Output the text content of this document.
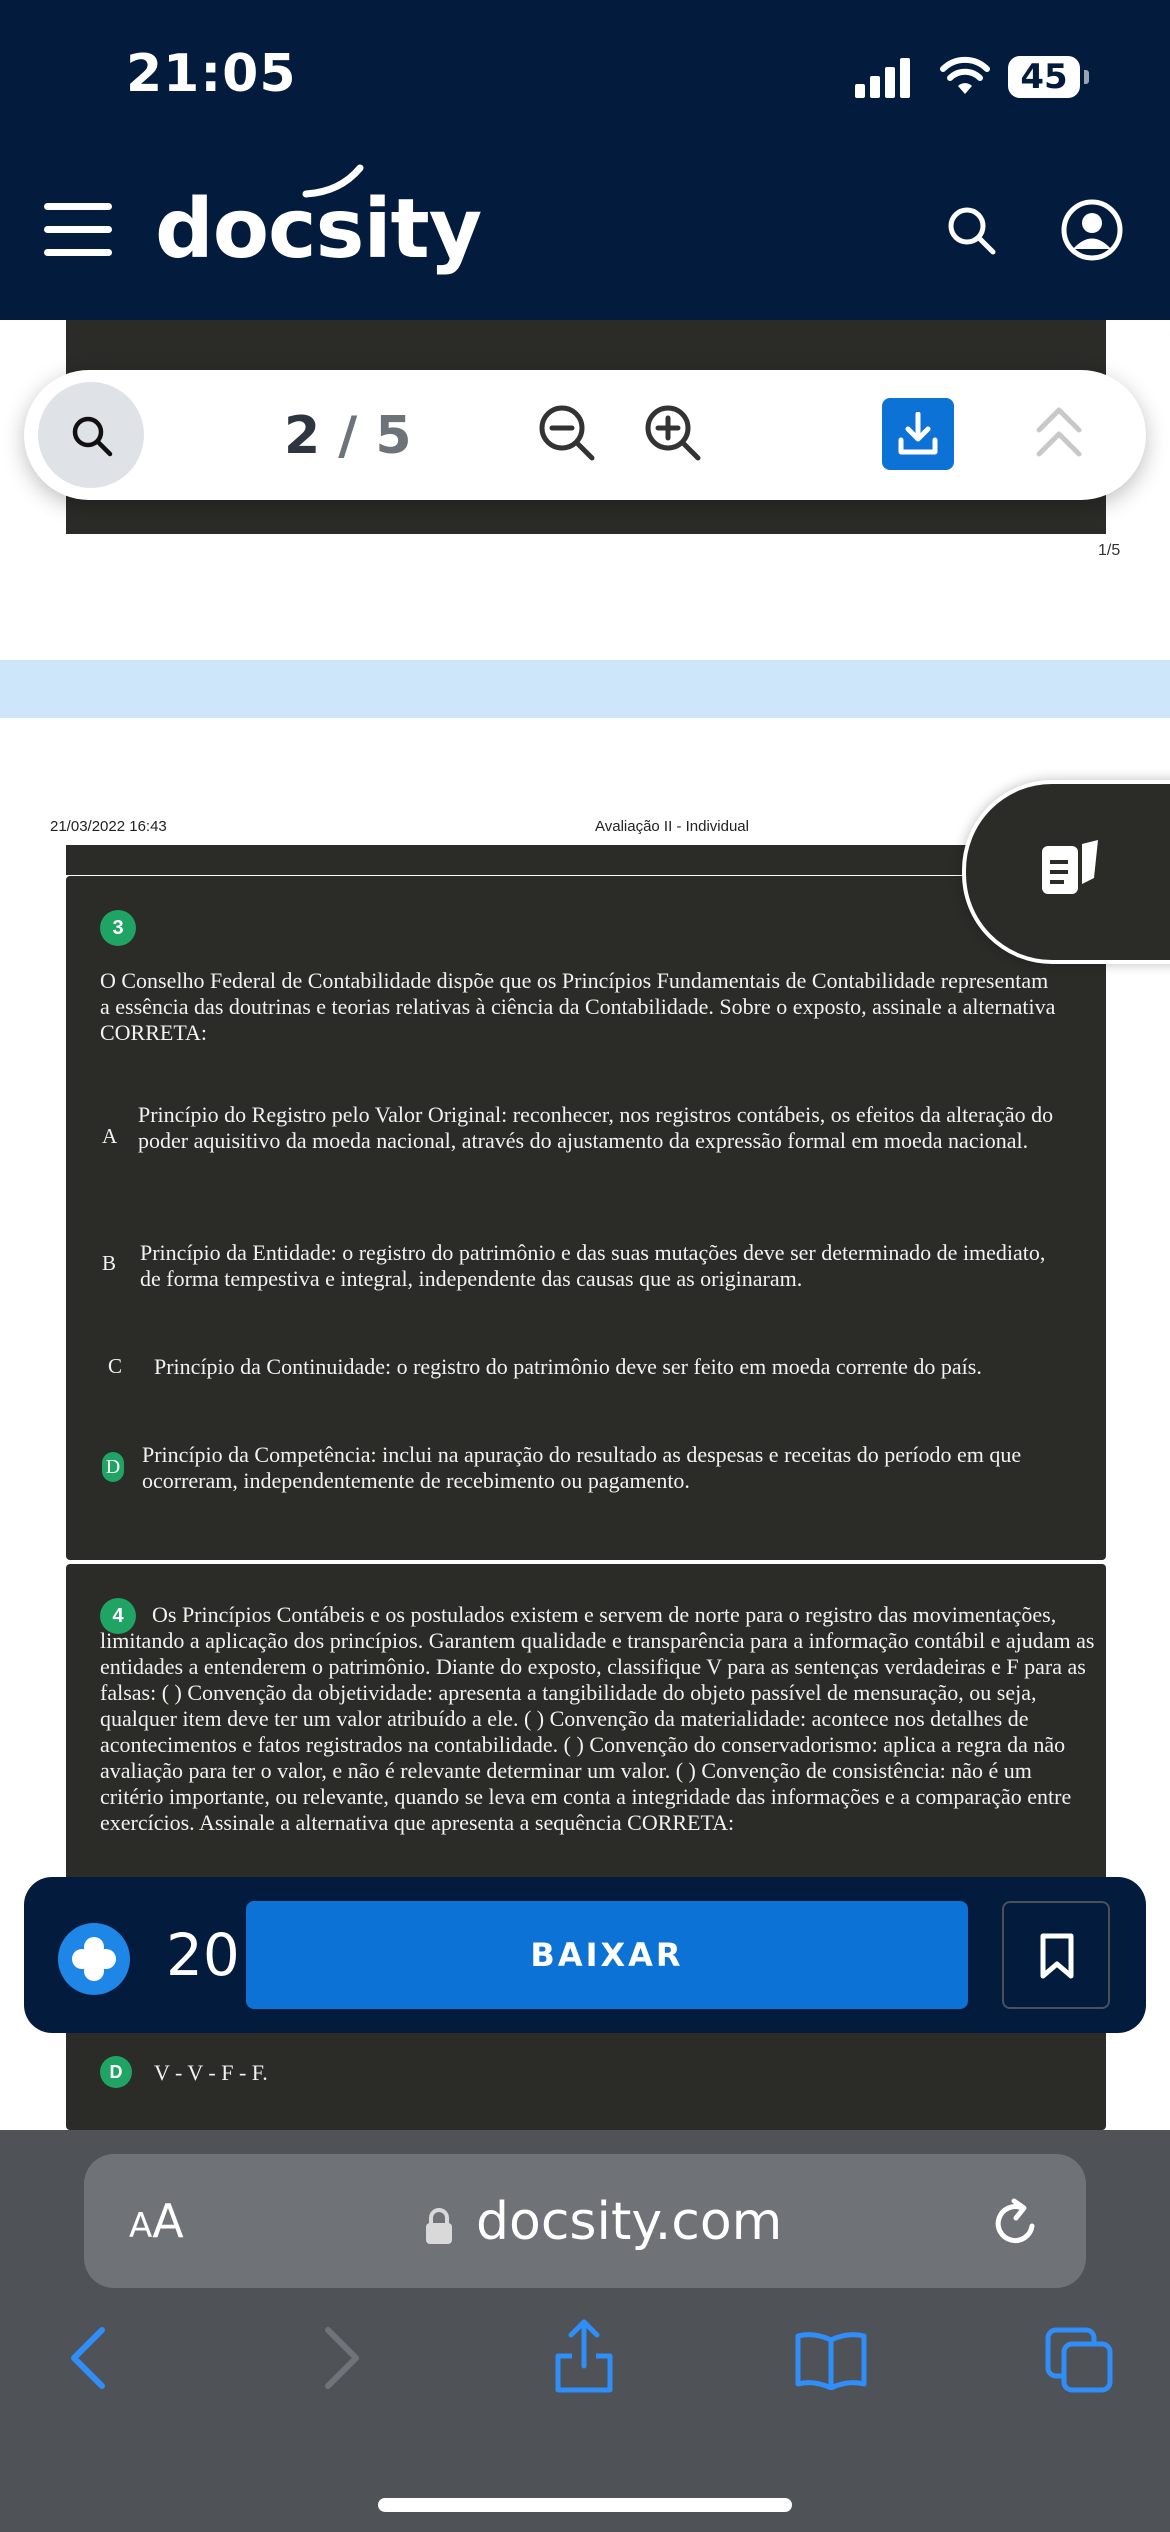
21:05	45
docsity
1/5
21/03/2022 16:43	Avaliação II - Individual
3
O Conselho Federal de Contabilidade dispõe que os Princípios Fundamentais de Contabilidade representam a essência das doutrinas e teorias relativas à ciência da Contabilidade. Sobre o exposto, assinale a alternativa CORRETA:
A
Princípio do Registro pelo Valor Original: reconhecer, nos registros contábeis, os efeitos da alteração do poder aquisitivo da moeda nacional, através do ajustamento da expressão formal em moeda nacional.
B Princípio da Entidade: o registro do patrimônio e das suas mutações deve ser determinado de imediato, de forma tempestiva e integral, independente das causas que as originaram.
C Princípio da Continuidade: o registro do patrimônio deve ser feito em moeda corrente do país.
D Princípio da Competência: inclui na apuração do resultado as despesas e receitas do período em que ocorreram, independentemente de recebimento ou pagamento.
4	Os Princípios Contábeis e os postulados existem e servem de norte para o registro das movimentações, limitando a aplicação dos princípios. Garantem qualidade e transparência para a informação contábil e ajudam as entidades a entenderem o patrimônio. Diante do exposto, classifique V para as sentenças verdadeiras e F para as falsas: ( ) Convenção da objetividade: apresenta a tangibilidade do objeto passível de mensuração, ou seja, qualquer item deve ter um valor atribuído a ele. ( ) Convenção da materialidade: acontece nos detalhes de acontecimentos e fatos registrados na contabilidade. ( ) Convenção do conservadorismo: aplica a regra da não avaliação para ter o valor, e não é relevante determinar um valor. ( ) Convenção de consistência: não é um critério importante, ou relevante, quando se leva em conta a integridade das informações e a comparação entre exercícios. Assinale a alternativa que apresenta a sequência CORRETA:
D	V - V - F - F.
2 / 5
20	BAIXAR
AA	docsity.com
